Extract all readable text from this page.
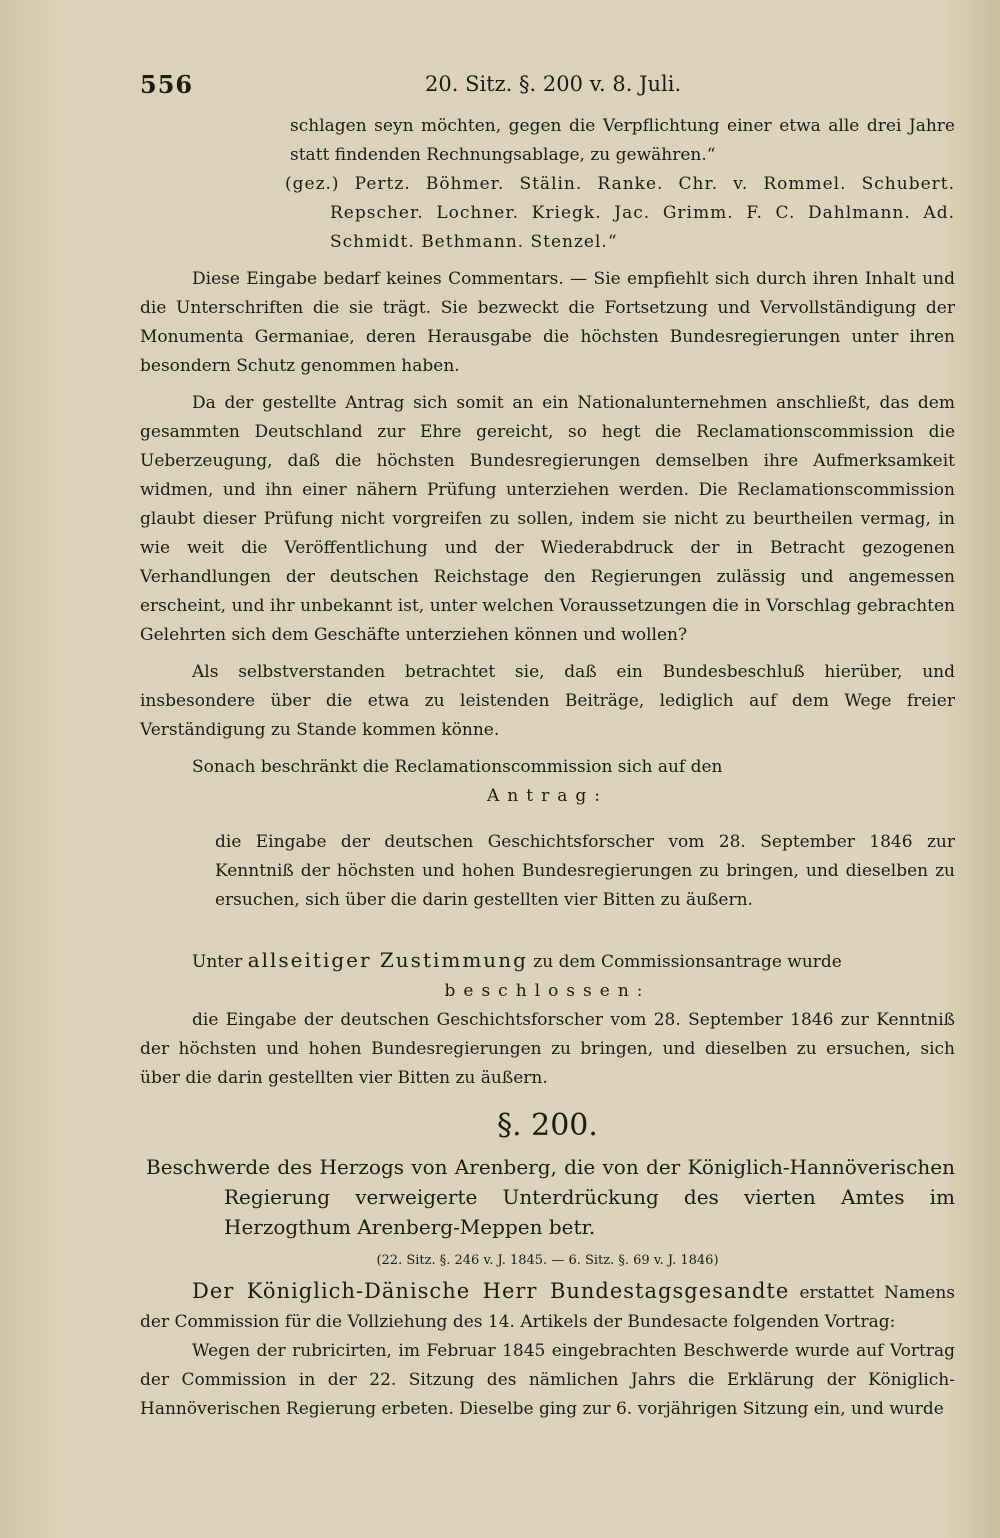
556	20. Sitz. §. 200 v. 8. Juli.

schlagen seyn möchten, gegen die Verpflichtung einer etwa alle drei Jahre statt findenden Rechnungsablage, zu gewähren.“

(gez.) Pertz. Böhmer. Stälin. Ranke. Chr. v. Rommel. Schubert. Repscher. Lochner. Kriegk. Jac. Grimm. F. C. Dahlmann. Ad. Schmidt. Bethmann. Stenzel.“

Diese Eingabe bedarf keines Commentars. — Sie empfiehlt sich durch ihren Inhalt und die Unterschriften die sie trägt. Sie bezweckt die Fortsetzung und Vervollständigung der Monumenta Germaniae, deren Herausgabe die höchsten Bundesregierungen unter ihren besondern Schutz genommen haben.

Da der gestellte Antrag sich somit an ein Nationalunternehmen anschließt, das dem gesammten Deutschland zur Ehre gereicht, so hegt die Reclamationscommission die Ueberzeugung, daß die höchsten Bundesregierungen demselben ihre Aufmerksamkeit widmen, und ihn einer nähern Prüfung unterziehen werden. Die Reclamationscommission glaubt dieser Prüfung nicht vorgreifen zu sollen, indem sie nicht zu beurtheilen vermag, in wie weit die Veröffentlichung und der Wiederabdruck der in Betracht gezogenen Verhandlungen der deutschen Reichstage den Regierungen zulässig und angemessen erscheint, und ihr unbekannt ist, unter welchen Voraussetzungen die in Vorschlag gebrachten Gelehrten sich dem Geschäfte unterziehen können und wollen?

Als selbstverstanden betrachtet sie, daß ein Bundesbeschluß hierüber, und insbesondere über die etwa zu leistenden Beiträge, lediglich auf dem Wege freier Verständigung zu Stande kommen könne.

Sonach beschränkt die Reclamationscommission sich auf den

Antrag:

die Eingabe der deutschen Geschichtsforscher vom 28. September 1846 zur Kenntniß der höchsten und hohen Bundesregierungen zu bringen, und dieselben zu ersuchen, sich über die darin gestellten vier Bitten zu äußern.

Unter allseitiger Zustimmung zu dem Commissionsantrage wurde

beschlossen:

die Eingabe der deutschen Geschichtsforscher vom 28. September 1846 zur Kenntniß der höchsten und hohen Bundesregierungen zu bringen, und dieselben zu ersuchen, sich über die darin gestellten vier Bitten zu äußern.

§. 200.

Beschwerde des Herzogs von Arenberg, die von der Königlich-Hannöverischen Regierung verweigerte Unterdrückung des vierten Amtes im Herzogthum Arenberg-Meppen betr.

(22. Sitz. §. 246 v. J. 1845. — 6. Sitz. §. 69 v. J. 1846)

Der Königlich-Dänische Herr Bundestagsgesandte erstattet Namens der Commission für die Vollziehung des 14. Artikels der Bundesacte folgenden Vortrag:

Wegen der rubricirten, im Februar 1845 eingebrachten Beschwerde wurde auf Vortrag der Commission in der 22. Sitzung des nämlichen Jahrs die Erklärung der Königlich-Hannöverischen Regierung erbeten. Dieselbe ging zur 6. vorjährigen Sitzung ein, und wurde
